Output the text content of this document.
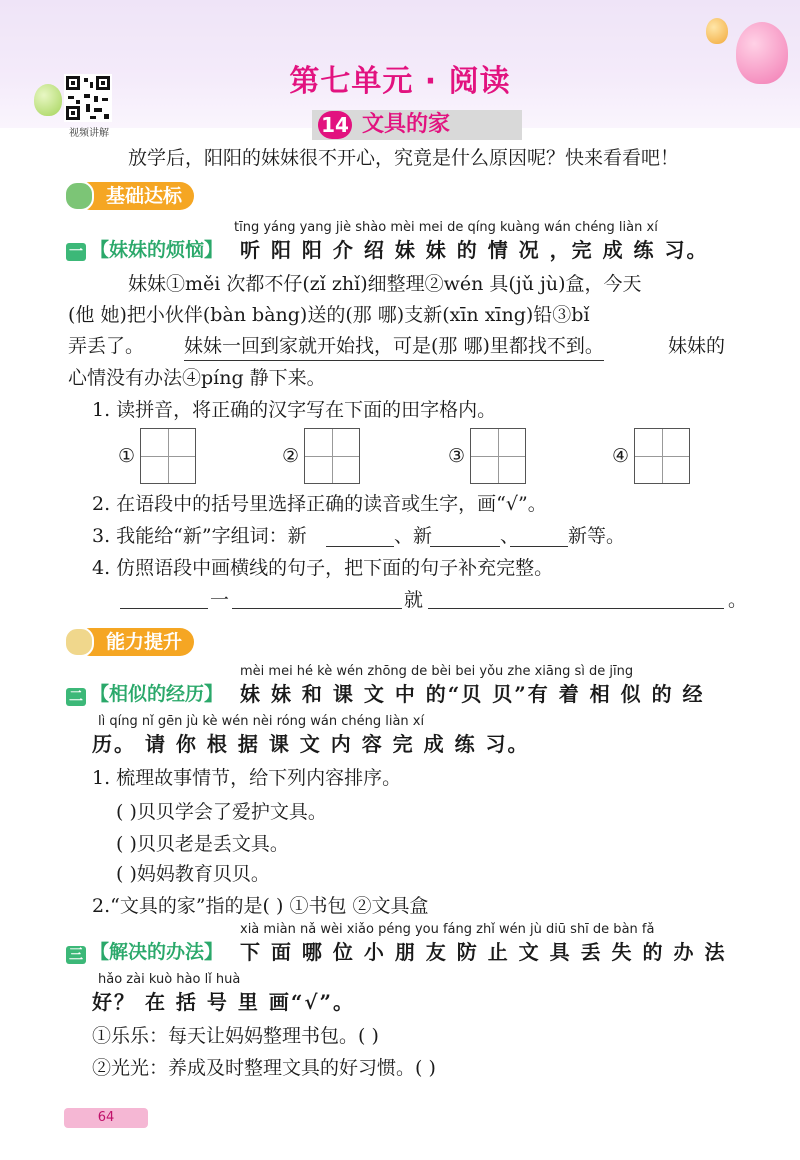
视频讲解
第七单元 · 阅读
14 文具的家
放学后，阳阳的妹妹很不开心，究竟是什么原因呢？快来看看吧！
基础达标
tīng yáng yang jiè shào mèi mei de qíng kuàng wán chéng liàn xí
一 【妹妹的烦恼】 听 阳 阳 介 绍 妹 妹 的 情 况 ，完 成 练 习。
妹妹①měi 次都不仔(zǐ zhǐ)细整理②wén 具(jǔ jù)盒，今天
(他 她)把小伙伴(bàn bàng)送的(那 哪)支新(xīn xīng)铅③bǐ
弄丢了。 妹妹一回到家就开始找，可是(那 哪)里都找不到。	妹妹的
心情没有办法④píng 静下来。
1. 读拼音，将正确的汉字写在下面的田字格内。
①	②	③	④
2. 在语段中的括号里选择正确的读音或生字，画“√”。
3. 我能给“新”字组词：新	、新	、	新等。
4. 仿照语段中画横线的句子，把下面的句子补充完整。
一	就	。
能力提升
mèi mei hé kè wén zhōng de bèi bei yǒu zhe xiāng sì de jīng
二 【相似的经历】 妹 妹 和 课 文 中 的“贝 贝”有 着 相 似 的 经
lì qíng nǐ gēn jù kè wén nèi róng wán chéng liàn xí
历。 请 你 根 据 课 文 内 容 完 成 练 习。
1. 梳理故事情节，给下列内容排序。
( )贝贝学会了爱护文具。
( )贝贝老是丢文具。
( )妈妈教育贝贝。
2.“文具的家”指的是( ) ①书包 ②文具盒
xià miàn nǎ wèi xiǎo péng you fáng zhǐ wén jù diū shī de bàn fǎ
三 【解决的办法】 下 面 哪 位 小 朋 友 防 止 文 具 丢 失 的 办 法
hǎo zài kuò hào lǐ huà
好？ 在 括 号 里 画“√”。
①乐乐：每天让妈妈整理书包。( )
②光光：养成及时整理文具的好习惯。( )
64
